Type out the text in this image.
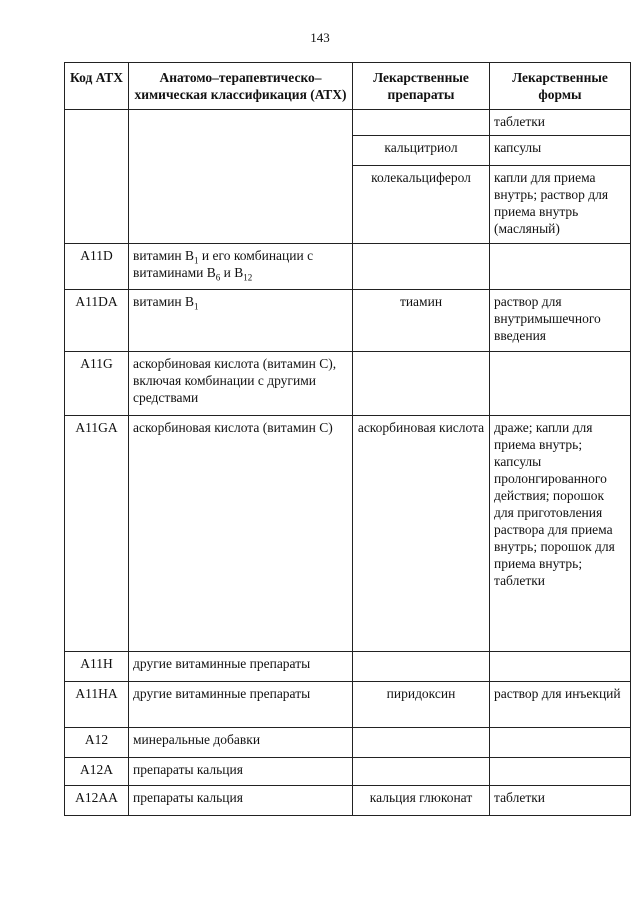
143
Код АТХ	Анатомо–терапевтическо–химическая классификация (АТХ)	Лекарственные препараты	Лекарственные формы
			таблетки
		кальцитриол	капсулы
		колекальциферол	капли для приема внутрь; раствор для приема внутрь (масляный)
A11D	витамин $B_1$ и его комбинации с витаминами $B_6$ и $B_{12}$		
A11DA	витамин $B_1$	тиамин	раствор для внутримышечного введения
A11G	аскорбиновая кислота (витамин C), включая комбинации с другими средствами		
A11GA	аскорбиновая кислота (витамин C)	аскорбиновая кислота	драже; капли для приема внутрь; капсулы пролонгированного действия; порошок для приготовления раствора для приема внутрь; порошок для приема внутрь; таблетки
A11H	другие витаминные препараты		
A11HA	другие витаминные препараты	пиридоксин	раствор для инъекций
A12	минеральные добавки		
A12A	препараты кальция		
A12AA	препараты кальция	кальция глюконат	таблетки
